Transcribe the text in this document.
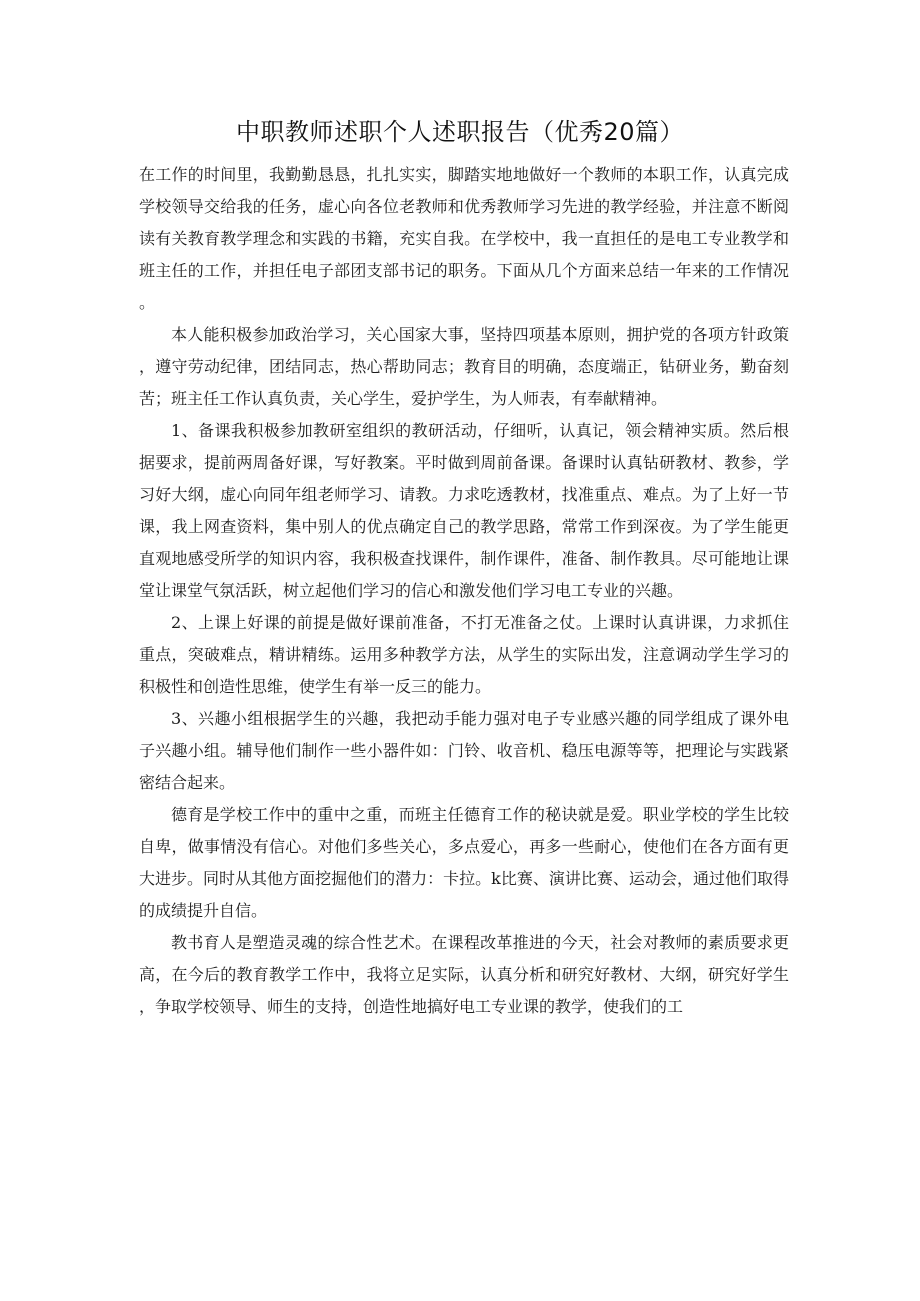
中职教师述职个人述职报告（优秀20篇）

在工作的时间里，我勤勤恳恳，扎扎实实，脚踏实地地做好一个教师的本职工作，认真完成学校领导交给我的任务，虚心向各位老教师和优秀教师学习先进的教学经验，并注意不断阅读有关教育教学理念和实践的书籍，充实自我。在学校中，我一直担任的是电工专业教学和班主任的工作，并担任电子部团支部书记的职务。下面从几个方面来总结一年来的工作情况。

本人能积极参加政治学习，关心国家大事，坚持四项基本原则，拥护党的各项方针政策，遵守劳动纪律，团结同志，热心帮助同志；教育目的明确，态度端正，钻研业务，勤奋刻苦；班主任工作认真负责，关心学生，爱护学生，为人师表，有奉献精神。

1、备课我积极参加教研室组织的教研活动，仔细听，认真记，领会精神实质。然后根据要求，提前两周备好课，写好教案。平时做到周前备课。备课时认真钻研教材、教参，学习好大纲，虚心向同年组老师学习、请教。力求吃透教材，找准重点、难点。为了上好一节课，我上网查资料，集中别人的优点确定自己的教学思路，常常工作到深夜。为了学生能更直观地感受所学的知识内容，我积极查找课件，制作课件，准备、制作教具。尽可能地让课堂让课堂气氛活跃，树立起他们学习的信心和激发他们学习电工专业的兴趣。

2、上课上好课的前提是做好课前准备，不打无准备之仗。上课时认真讲课，力求抓住重点，突破难点，精讲精练。运用多种教学方法，从学生的实际出发，注意调动学生学习的积极性和创造性思维，使学生有举一反三的能力。

3、兴趣小组根据学生的兴趣，我把动手能力强对电子专业感兴趣的同学组成了课外电子兴趣小组。辅导他们制作一些小器件如：门铃、收音机、稳压电源等等，把理论与实践紧密结合起来。

德育是学校工作中的重中之重，而班主任德育工作的秘诀就是爱。职业学校的学生比较自卑，做事情没有信心。对他们多些关心，多点爱心，再多一些耐心，使他们在各方面有更大进步。同时从其他方面挖掘他们的潜力：卡拉。k比赛、演讲比赛、运动会，通过他们取得的成绩提升自信。

教书育人是塑造灵魂的综合性艺术。在课程改革推进的今天，社会对教师的素质要求更高，在今后的教育教学工作中，我将立足实际，认真分析和研究好教材、大纲，研究好学生，争取学校领导、师生的支持，创造性地搞好电工专业课的教学，使我们的工
